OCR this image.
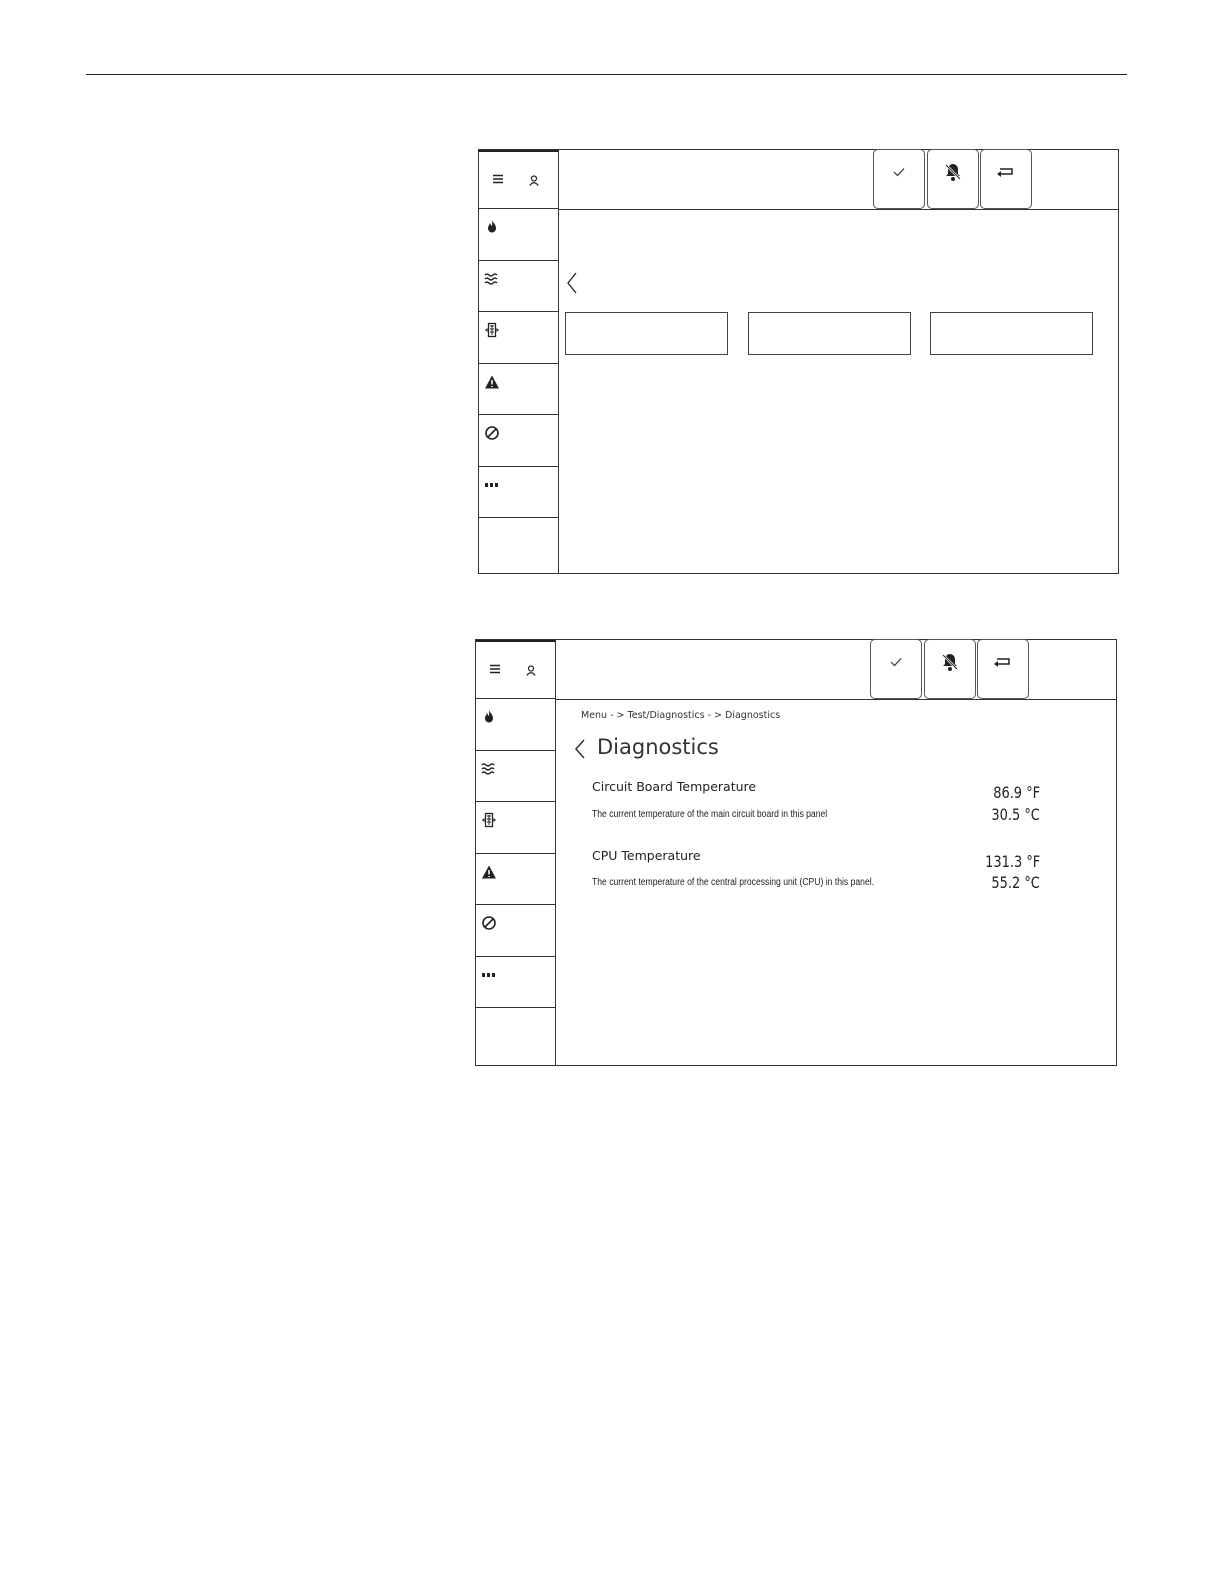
Menu - > Test/Diagnostics - > Diagnostics
Diagnostics
Circuit Board Temperature
The current temperature of the main circuit board in this panel
86.9 °F
30.5 °C
CPU Temperature
The current temperature of the central processing unit (CPU) in this panel.
131.3 °F
55.2 °C
